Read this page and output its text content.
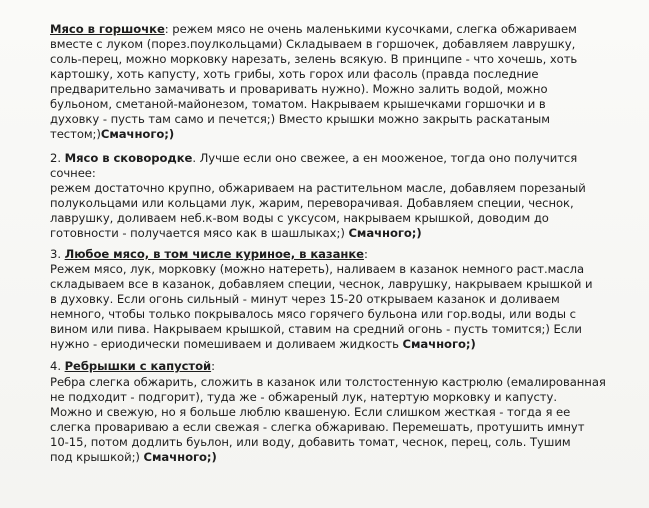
Мясо в горшочке: режем мясо не очень маленькими кусочками, слегка обжариваем
вместе с луком (порез.поулкольцами) Складываем в горшочек, добавляем лаврушку,
соль-перец, можно морковку нарезать, зелень всякую. В принципе - что хочешь, хоть
картошку, хоть капусту, хоть грибы, хоть горох или фасоль (правда последние
предварительно замачивать и проваривать нужно). Можно залить водой, можно
бульоном, сметаной-майонезом, томатом. Накрываем крышечками горшочки и в
духовку - пусть там само и печется;) Вместо крышки можно закрыть раскатаным
тестом;)Смачного;)
2. Мясо в сковородке. Лучше если оно свежее, а ен мooженое, тогда оно получится
сочнее:
режем достаточно крупно, обжариваем на растительном масле, добавляем порезаный
полукольцами или кольцами лук, жарим, переворачивая. Добавляем специи, чеснок,
лаврушку, доливаем неб.к-вом воды с уксусом, накрываем крышкой, доводим до
готовности - получается мясо как в шашлыках;) Смачного;)
3. Любое мясо, в том числе куриное, в казанке:
Режем мясо, лук, морковку (можно натереть), наливаем в казанок немного раст.масла
складываем все в казанок, добавляем специи, чеснок, лаврушку, накрываем крышкой и
в духовку. Если огонь сильный - минут через 15-20 открываем казанок и доливаем
немного, чтобы только покрывалось мясо горячего бульона или гор.воды, или воды с
вином или пива. Накрываем крышкой, ставим на средний огонь - пусть томится;) Если
нужно - ериодически помешиваем и доливаем жидкость Смачного;)
4. Ребрышки с капустой:
Ребра слегка обжарить, сложить в казанок или толстостенную кастрюлю (емалированная
не подходит - подгорит), туда же - обжареный лук, натертую морковку и капусту.
Можно и свежую, но я больше люблю квашеную. Если слишком жесткая - тогда я ее
слегка проваривaю а если свежая - слегка обжариваю. Перемешать, протушить имнут
10-15, потом додлить буьлон, или воду, добавить томат, чеснок, перец, соль. Тушим
под крышкой;) Смачного;)
